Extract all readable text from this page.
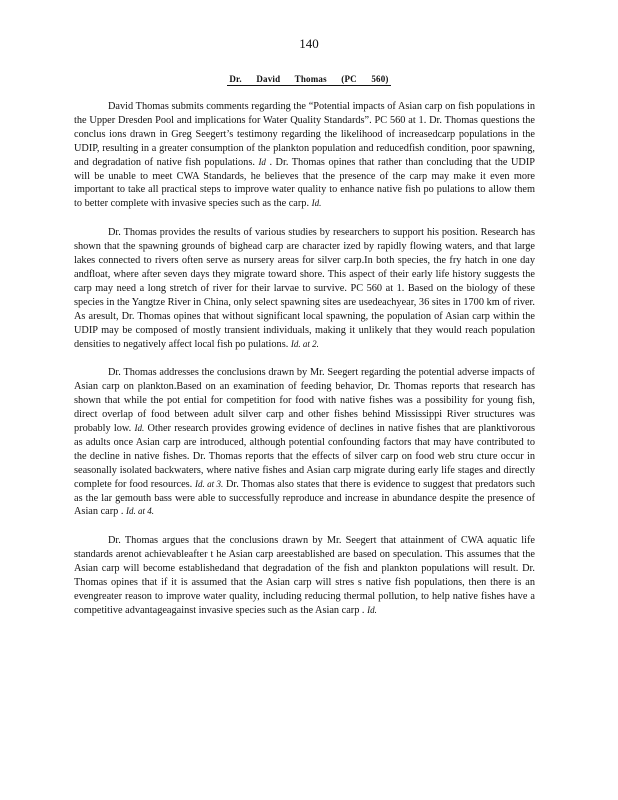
140
Dr. David Thomas (PC 560)

David Thomas submits comments regarding the “Potential impacts of Asian carp on fish populations in the Upper Dresden Pool and implications for Water Quality Standards”. PC 560 at 1. Dr. Thomas questions the conclus ions drawn in Greg Seegert’s testimony regarding the likelihood of increasedcarp populations in the UDIP, resulting in a greater consumption of the plankton population and reducedfish condition, poor spawning, and degradation of native fish populations. Id . Dr. Thomas opines that rather than concluding that the UDIP will be unable to meet CWA Standards, he believes that the presence of the carp may make it even more important to take all practical steps to improve water quality to enhance native fish po pulations to allow them to better complete with invasive species such as the carp. Id.

Dr. Thomas provides the results of various studies by researchers to support his position. Research has shown that the spawning grounds of bighead carp are character ized by rapidly flowing waters, and that large lakes connected to rivers often serve as nursery areas for silver carp.In both species, the fry hatch in one day andfloat, where after seven days they migrate toward shore. This aspect of their early life history suggests the carp may need a long stretch of river for their larvae to survive. PC 560 at 1. Based on the biology of these species in the Yangtze River in China, only select spawning sites are usedeachyear, 36 sites in 1700 km of river. As aresult, Dr. Thomas opines that without significant local spawning, the population of Asian carp within the UDIP may be composed of mostly transient individuals, making it unlikely that they would reach population densities to negatively affect local fish po pulations. Id. at 2.

Dr. Thomas addresses the conclusions drawn by Mr. Seegert regarding the potential adverse impacts of Asian carp on plankton.Based on an examination of feeding behavior, Dr. Thomas reports that research has shown that while the pot ential for competition for food with native fishes was a possibility for young fish, direct overlap of food between adult silver carp and other fishes behind Mississippi River structures was probably low. Id. Other research provides growing evidence of declines in native fishes that are planktivorous as adults once Asian carp are introduced, although potential confounding factors that may have contributed to the decline in native fishes. Dr. Thomas reports that the effects of silver carp on food web stru cture occur in seasonally isolated backwaters, where native fishes and Asian carp migrate during early life stages and directly complete for food resources. Id. at 3. Dr. Thomas also states that there is evidence to suggest that predators such as the lar gemouth bass were able to successfully reproduce and increase in abundance despite the presence of Asian carp . Id. at 4.

Dr. Thomas argues that the conclusions drawn by Mr. Seegert that attainment of CWA aquatic life standards arenot achievableafter t he Asian carp areestablished are based on speculation. This assumes that the Asian carp will become establishedand that degradation of the fish and plankton populations will result. Dr. Thomas opines that if it is assumed that the Asian carp will stres s native fish populations, then there is an evengreater reason to improve water quality, including reducing thermal pollution, to help native fishes have a competitive advantageagainst invasive species such as the Asian carp . Id.
